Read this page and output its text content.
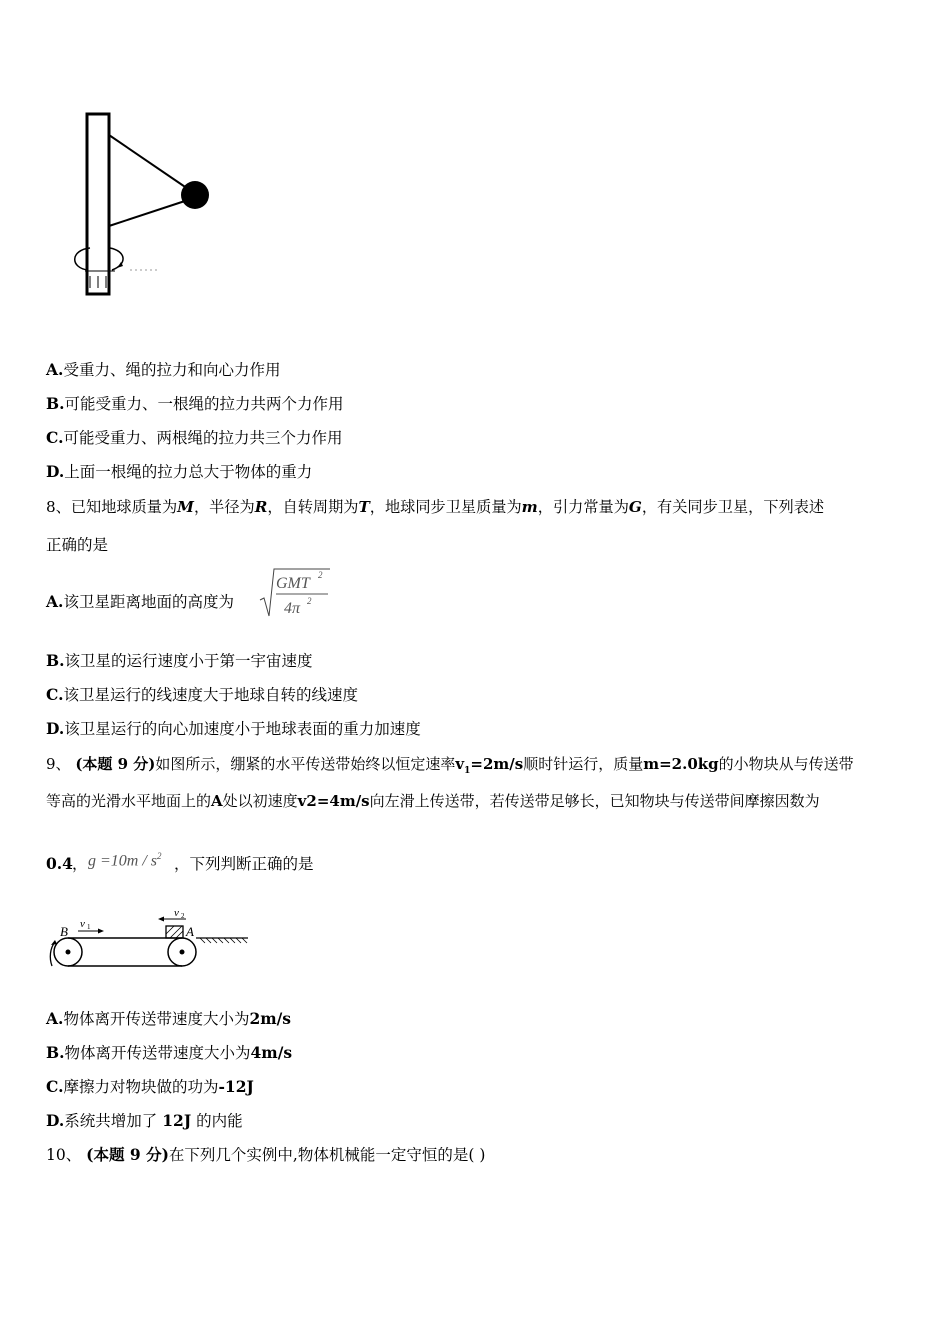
A.受重力、绳的拉力和向心力作用
B.可能受重力、一根绳的拉力共两个力作用
C.可能受重力、两根绳的拉力共三个力作用
D.上面一根绳的拉力总大于物体的重力
8、已知地球质量为M，半径为R，自转周期为T，地球同步卫星质量为m，引力常量为G，有关同步卫星，下列表述
正确的是
A.该卫星距离地面的高度为
GMT 2
4π 2
B.该卫星的运行速度小于第一宇宙速度
C.该卫星运行的线速度大于地球自转的线速度
D.该卫星运行的向心加速度小于地球表面的重力加速度
9、 (本题 9 分)如图所示，绷紧的水平传送带始终以恒定速率$v_1=2m/s$顺时针运行，质量m=2.0kg的小物块从与传送带
等高的光滑水平地面上的A处以初速度v2=4m/s向左滑上传送带，若传送带足够长，已知物块与传送带间摩擦因数为
0.4 ， $g =10m / s^2$ ，下列判断正确的是
B v 1
v 2
A
A.物体离开传送带速度大小为2m/s
B.物体离开传送带速度大小为4m/s
C.摩擦力对物块做的功为-12J
D.系统共增加了 12J 的内能
10、 (本题 9 分)在下列几个实例中,物体机械能一定守恒的是( )
